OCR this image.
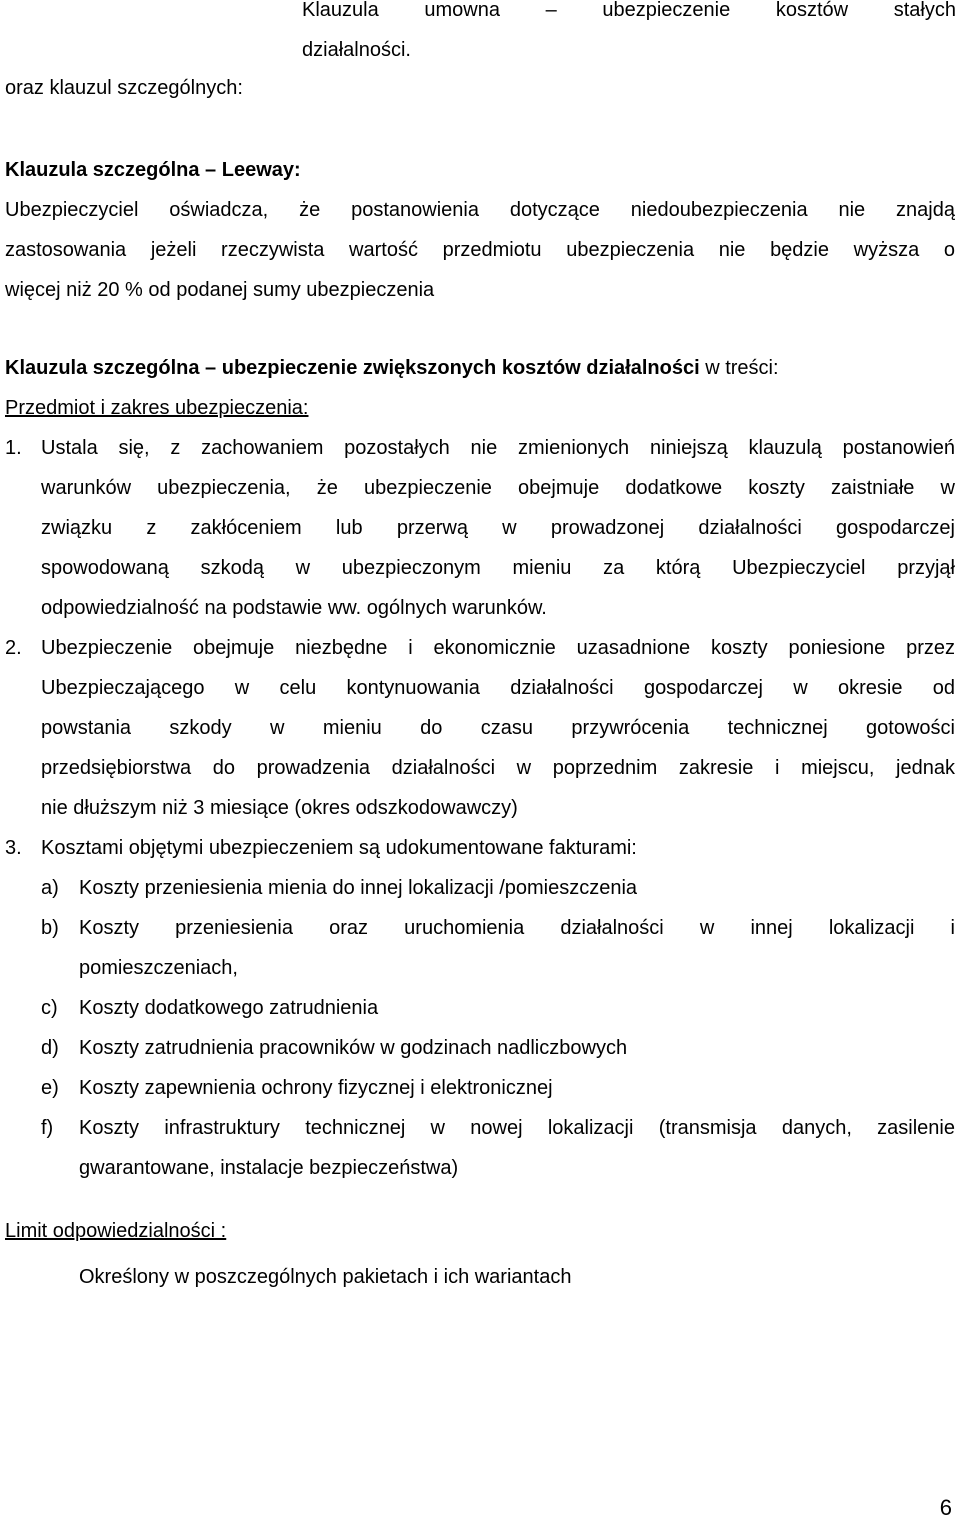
Klauzula umowna – ubezpieczenie kosztów stałych
działalności.
oraz klauzul szczególnych:
Klauzula szczególna – Leeway:
Ubezpieczyciel oświadcza, że postanowienia dotyczące niedoubezpieczenia nie znajdą
zastosowania jeżeli rzeczywista wartość przedmiotu ubezpieczenia nie będzie wyższa o
więcej niż 20 % od podanej sumy ubezpieczenia
Klauzula szczególna – ubezpieczenie zwiększonych kosztów działalności w treści:
Przedmiot i zakres ubezpieczenia:
1. Ustala się, z zachowaniem pozostałych nie zmienionych niniejszą klauzulą postanowień
warunków ubezpieczenia, że ubezpieczenie obejmuje dodatkowe koszty zaistniałe w
związku z zakłóceniem lub przerwą w prowadzonej działalności gospodarczej
spowodowaną szkodą w ubezpieczonym mieniu za którą Ubezpieczyciel przyjął
odpowiedzialność na podstawie ww. ogólnych warunków.
2. Ubezpieczenie obejmuje niezbędne i ekonomicznie uzasadnione koszty poniesione przez
Ubezpieczającego w celu kontynuowania działalności gospodarczej w okresie od
powstania szkody w mieniu do czasu przywrócenia technicznej gotowości
przedsiębiorstwa do prowadzenia działalności w poprzednim zakresie i miejscu, jednak
nie dłuższym niż 3 miesiące (okres odszkodowawczy)
3. Kosztami objętymi ubezpieczeniem są udokumentowane fakturami:
a) Koszty przeniesienia mienia do innej lokalizacji /pomieszczenia
b) Koszty przeniesienia oraz uruchomienia działalności w innej lokalizacji i
pomieszczeniach,
c) Koszty dodatkowego zatrudnienia
d) Koszty zatrudnienia pracowników w godzinach nadliczbowych
e) Koszty zapewnienia ochrony fizycznej i elektronicznej
f) Koszty infrastruktury technicznej w nowej lokalizacji (transmisja danych, zasilenie
gwarantowane, instalacje bezpieczeństwa)
Limit odpowiedzialności :
Określony w poszczególnych pakietach i ich wariantach
6
